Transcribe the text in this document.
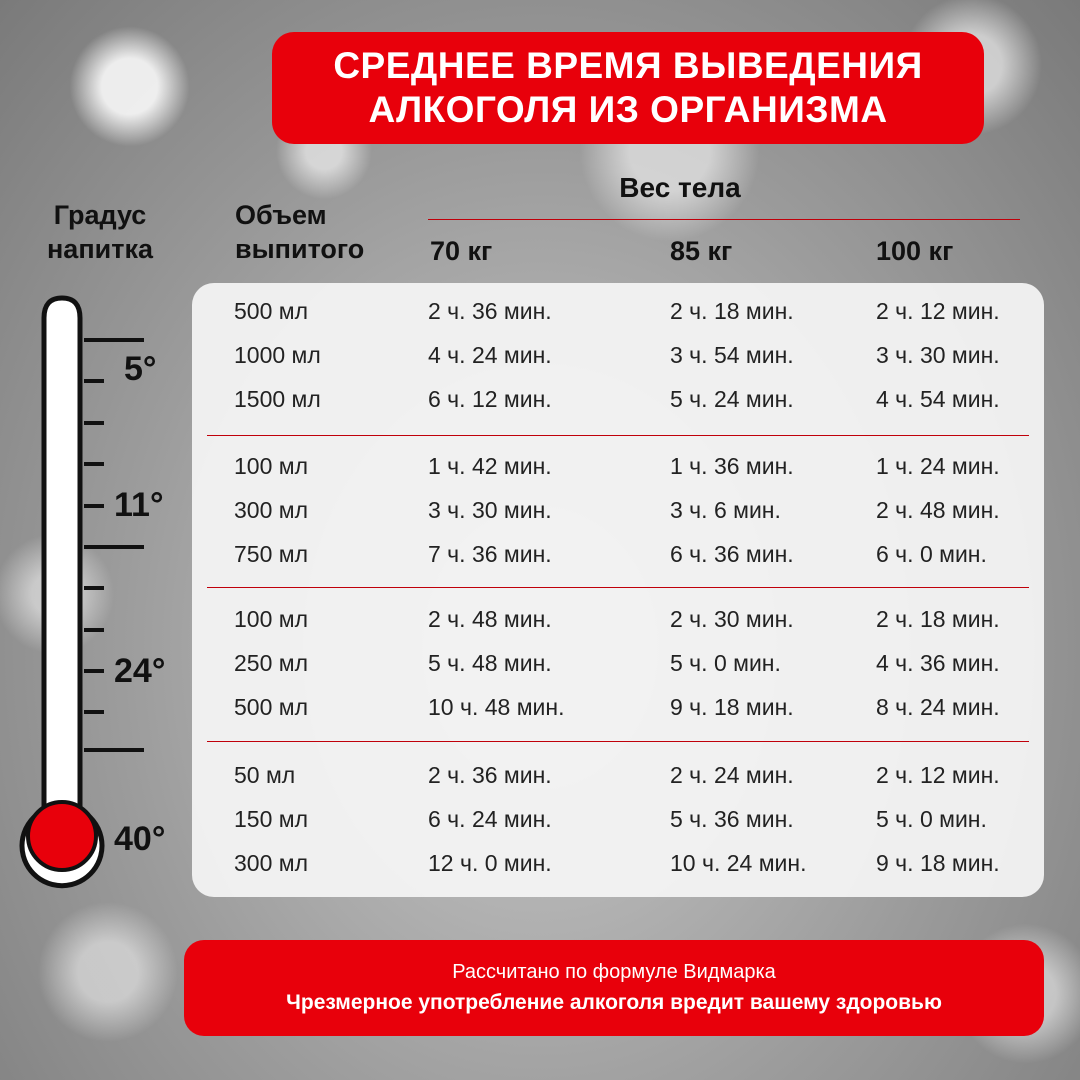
СРЕДНЕЕ ВРЕМЯ ВЫВЕДЕНИЯ
АЛКОГОЛЯ ИЗ ОРГАНИЗМА
Градус
напитка
Объем
выпитого
Вес тела
70 кг	85 кг	100 кг
5°
11°
24°
40°
500 мл	2 ч. 36 мин.	2 ч. 18 мин.	2 ч. 12 мин.
1000 мл	4 ч. 24 мин.	3 ч. 54 мин.	3 ч. 30 мин.
1500 мл	6 ч. 12 мин.	5 ч. 24 мин.	4 ч. 54 мин.
100 мл	1 ч. 42 мин.	1 ч. 36 мин.	1 ч. 24 мин.
300 мл	3 ч. 30 мин.	3 ч. 6 мин.	2 ч. 48 мин.
750 мл	7 ч. 36 мин.	6 ч. 36 мин.	6 ч. 0 мин.
100 мл	2 ч. 48 мин.	2 ч. 30 мин.	2 ч. 18 мин.
250 мл	5 ч. 48 мин.	5 ч. 0 мин.	4 ч. 36 мин.
500 мл	10 ч. 48 мин.	9 ч. 18 мин.	8 ч. 24 мин.
50 мл	2 ч. 36 мин.	2 ч. 24 мин.	2 ч. 12 мин.
150 мл	6 ч. 24 мин.	5 ч. 36 мин.	5 ч. 0 мин.
300 мл	12 ч. 0 мин.	10 ч. 24 мин.	9 ч. 18 мин.
Рассчитано по формуле Видмарка
Чрезмерное употребление алкоголя вредит вашему здоровью
